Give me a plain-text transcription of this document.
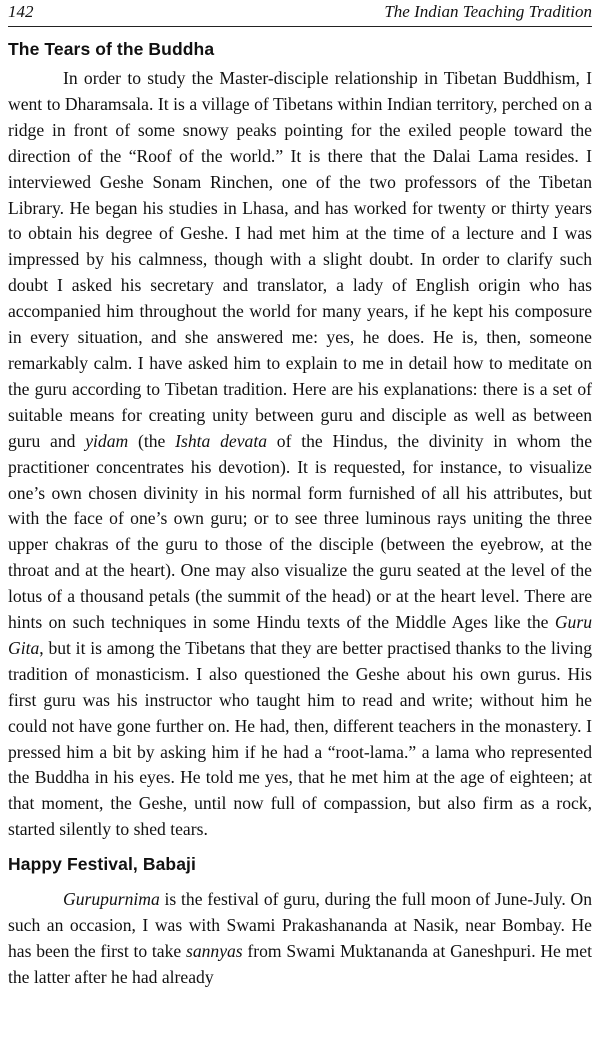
142	The Indian Teaching Tradition
The Tears of the Buddha

In order to study the Master-disciple relationship in Tibetan Buddhism, I went to Dharamsala. It is a village of Tibetans within Indian territory, perched on a ridge in front of some snowy peaks pointing for the exiled people toward the direction of the “Roof of the world.” It is there that the Dalai Lama resides. I interviewed Geshe Sonam Rinchen, one of the two professors of the Tibetan Library. He began his studies in Lhasa, and has worked for twenty or thirty years to obtain his degree of Geshe. I had met him at the time of a lecture and I was impressed by his calmness, though with a slight doubt. In order to clarify such doubt I asked his secretary and translator, a lady of English origin who has accompanied him throughout the world for many years, if he kept his composure in every situation, and she answered me: yes, he does. He is, then, someone remarkably calm. I have asked him to explain to me in detail how to meditate on the guru according to Tibetan tradition. Here are his explanations: there is a set of suitable means for creating unity between guru and disciple as well as between guru and yidam (the Ishta devata of the Hindus, the divinity in whom the practitioner concentrates his devotion). It is requested, for instance, to visualize one’s own chosen divinity in his normal form furnished of all his attributes, but with the face of one’s own guru; or to see three luminous rays uniting the three upper chakras of the guru to those of the disciple (between the eyebrow, at the throat and at the heart). One may also visualize the guru seated at the level of the lotus of a thousand petals (the summit of the head) or at the heart level. There are hints on such techniques in some Hindu texts of the Middle Ages like the Guru Gita, but it is among the Tibetans that they are better practised thanks to the living tradition of monasticism. I also questioned the Geshe about his own gurus. His first guru was his instructor who taught him to read and write; without him he could not have gone further on. He had, then, different teachers in the monastery. I pressed him a bit by asking him if he had a “root-lama.” a lama who represented the Buddha in his eyes. He told me yes, that he met him at the age of eighteen; at that moment, the Geshe, until now full of compassion, but also firm as a rock, started silently to shed tears.

Happy Festival, Babaji

Gurupurnima is the festival of guru, during the full moon of June-July. On such an occasion, I was with Swami Prakashananda at Nasik, near Bombay. He has been the first to take sannyas from Swami Muktananda at Ganeshpuri. He met the latter after he had already
